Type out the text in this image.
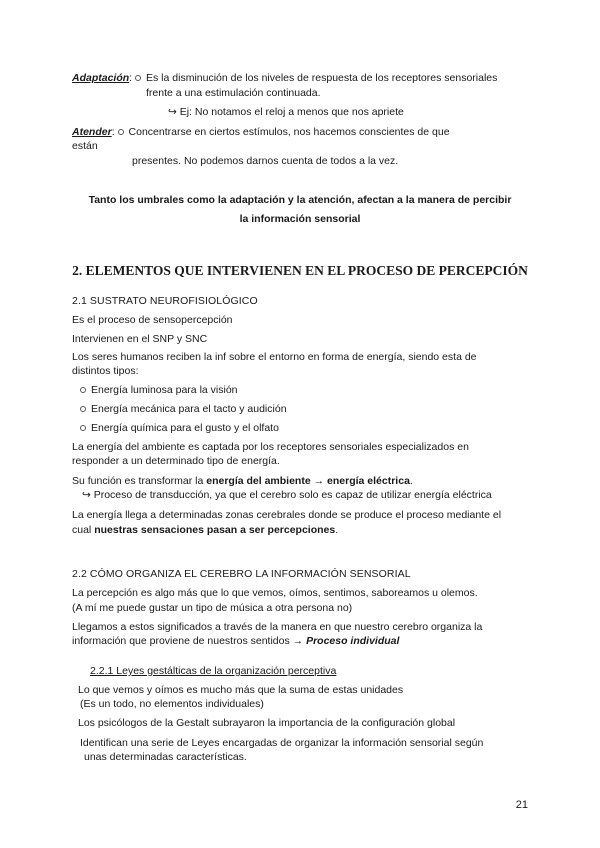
Adaptación: Es la disminución de los niveles de respuesta de los receptores sensoriales
frente a una estimulación continuada.
↪ Ej: No notamos el reloj a menos que nos apriete
Atender: Concentrarse en ciertos estímulos, nos hacemos conscientes de que
están
presentes. No podemos darnos cuenta de todos a la vez.
Tanto los umbrales como la adaptación y la atención, afectan a la manera de percibir
la información sensorial
2. ELEMENTOS QUE INTERVIENEN EN EL PROCESO DE PERCEPCIÓN
2.1 SUSTRATO NEUROFISIOLÓGICO
Es el proceso de sensopercepción
Intervienen en el SNP y SNC
Los seres humanos reciben la inf sobre el entorno en forma de energía, siendo esta de
distintos tipos:
Energía luminosa para la visión
Energía mecánica para el tacto y audición
Energía química para el gusto y el olfato
La energía del ambiente es captada por los receptores sensoriales especializados en
responder a un determinado tipo de energía.
Su función es transformar la energía del ambiente → energía eléctrica.
↪ Proceso de transducción, ya que el cerebro solo es capaz de utilizar energía eléctrica
La energía llega a determinadas zonas cerebrales donde se produce el proceso mediante el
cual nuestras sensaciones pasan a ser percepciones.
2.2 CÓMO ORGANIZA EL CEREBRO LA INFORMACIÓN SENSORIAL
La percepción es algo más que lo que vemos, oímos, sentimos, saboreamos u olemos.
(A mí me puede gustar un tipo de música a otra persona no)
Llegamos a estos significados a través de la manera en que nuestro cerebro organiza la
información que proviene de nuestros sentidos → Proceso individual
2.2.1 Leyes gestálticas de la organización perceptiva
Lo que vemos y oímos es mucho más que la suma de estas unidades
(Es un todo, no elementos individuales)
Los psicólogos de la Gestalt subrayaron la importancia de la configuración global
Identifican una serie de Leyes encargadas de organizar la información sensorial según
unas determinadas características.
21
